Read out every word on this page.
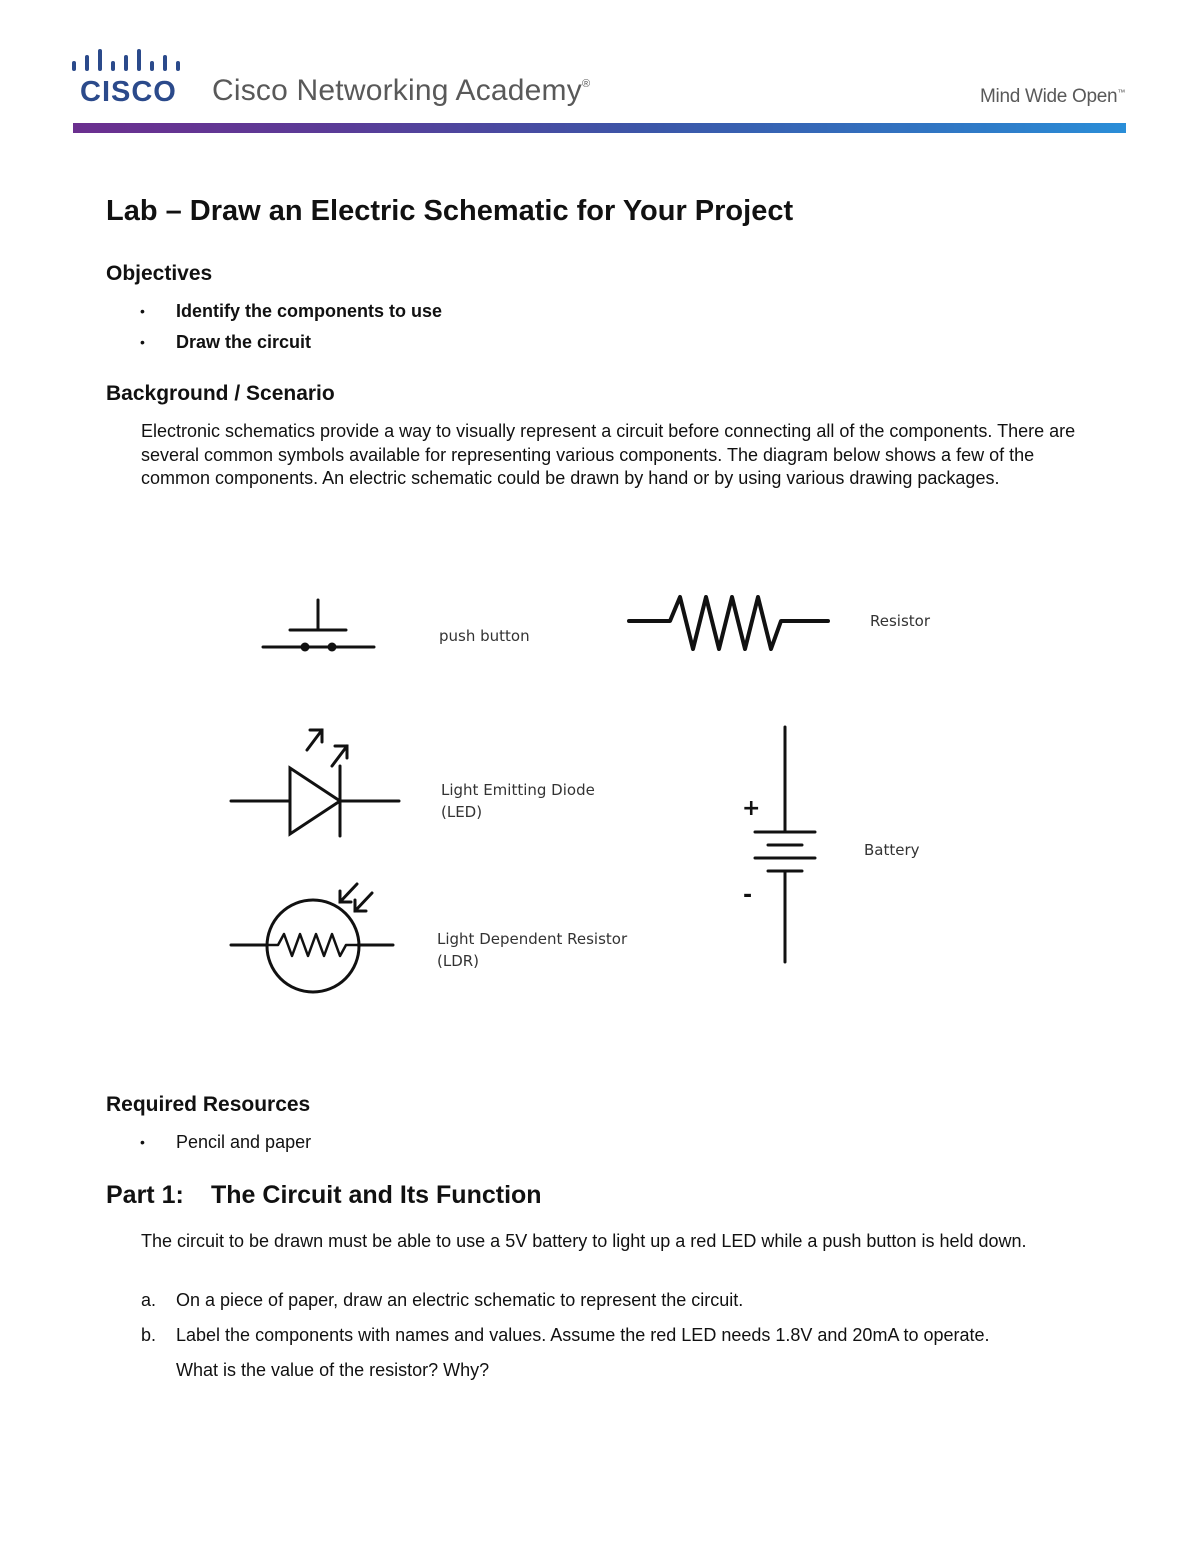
CISCO Cisco Networking Academy®
Mind Wide Open™
Lab – Draw an Electric Schematic for Your Project
Objectives
• Identify the components to use
• Draw the circuit
Background / Scenario

Electronic schematics provide a way to visually represent a circuit before connecting all of the components. There are several common symbols available for representing various components. The diagram below shows a few of the common components. An electric schematic could be drawn by hand or by using various drawing packages.

push button
Resistor
Light Emitting Diode
(LED)	+
-
Battery
Light Dependent Resistor
(LDR)
Required Resources
• Pencil and paper
Part 1: The Circuit and Its Function

The circuit to be drawn must be able to use a 5V battery to light up a red LED while a push button is held down.

a. On a piece of paper, draw an electric schematic to represent the circuit.
b. Label the components with names and values. Assume the red LED needs 1.8V and 20mA to operate. What is the value of the resistor? Why?
